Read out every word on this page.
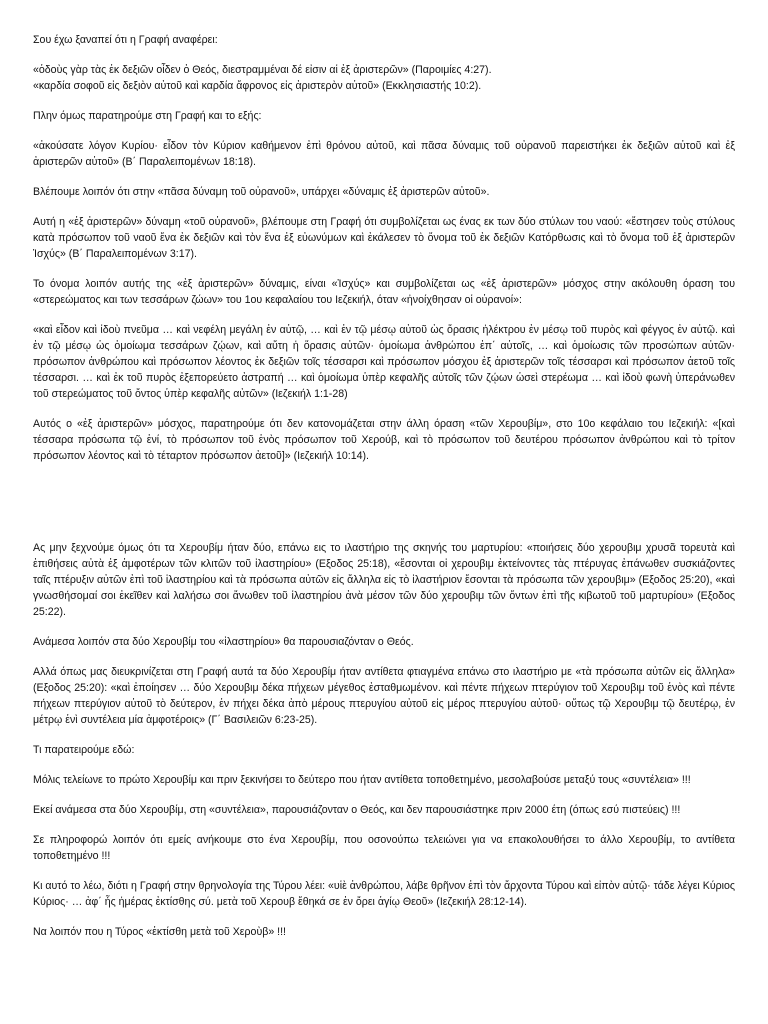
Σου έχω ξαναπεί ότι η Γραφή αναφέρει:

«ὁδοὺς γὰρ τὰς ἐκ δεξιῶν οἶδεν ὁ Θεός, διεστραμμέναι δέ εἰσιν αἱ ἐξ ἀριστερῶν» (Παροιμίες 4:27).
«καρδία σοφοῦ εἰς δεξιὸν αὐτοῦ καὶ καρδία ἄφρονος εἰς ἀριστερὸν αὐτοῦ» (Εκκλησιαστής 10:2).

Πλην όμως παρατηρούμε στη Γραφή και το εξής:

«ἀκούσατε λόγον Κυρίου· εἶδον τὸν Κύριον καθήμενον ἐπὶ θρόνου αὐτοῦ, καὶ πᾶσα δύναμις τοῦ οὐρανοῦ παρειστήκει ἐκ δεξιῶν αὐτοῦ καὶ ἐξ ἀριστερῶν αὐτοῦ» (Β΄ Παραλειπομένων 18:18).

Βλέπουμε λοιπόν ότι στην «πᾶσα δύναμη τοῦ οὐρανοῦ», υπάρχει «δύναμις ἐξ ἀριστερῶν αὐτοῦ».

Αυτή η «ἐξ ἀριστερῶν» δύναμη «τοῦ οὐρανοῦ», βλέπουμε στη Γραφή ότι συμβολίζεται ως ένας εκ των δύο στύλων του ναού: «ἔστησεν τοὺς στύλους κατὰ πρόσωπον τοῦ ναοῦ ἕνα ἐκ δεξιῶν καὶ τὸν ἕνα ἐξ εὐωνύμων καὶ ἐκάλεσεν τὸ ὄνομα τοῦ ἐκ δεξιῶν Κατόρθωσις καὶ τὸ ὄνομα τοῦ ἐξ ἀριστερῶν Ἰσχύς» (Β΄ Παραλειπομένων 3:17).

Το όνομα λοιπόν αυτής της «ἐξ ἀριστερῶν» δύναμις, είναι «Ἰσχύς» και συμβολίζεται ως «ἐξ ἀριστερῶν» μόσχος στην ακόλουθη όραση του «στερεώματος και των τεσσάρων ζώων» του 1ου κεφαλαίου του Ιεζεκιήλ, όταν «ἠνοίχθησαν οἱ οὐρανοί»:

«καὶ εἶδον καὶ ἰδοὺ πνεῦμα … καὶ νεφέλη μεγάλη ἐν αὐτῷ, … καὶ ἐν τῷ μέσῳ αὐτοῦ ὡς ὅρασις ἠλέκτρου ἐν μέσῳ τοῦ πυρὸς καὶ φέγγος ἐν αὐτῷ. καὶ ἐν τῷ μέσῳ ὡς ὁμοίωμα τεσσάρων ζῴων, καὶ αὕτη ἡ ὅρασις αὐτῶν· ὁμοίωμα ἀνθρώπου ἐπ΄ αὐτοῖς, … καὶ ὁμοίωσις τῶν προσώπων αὐτῶν· πρόσωπον ἀνθρώπου καὶ πρόσωπον λέοντος ἐκ δεξιῶν τοῖς τέσσαρσι καὶ πρόσωπον μόσχου ἐξ ἀριστερῶν τοῖς τέσσαρσι καὶ πρόσωπον ἀετοῦ τοῖς τέσσαρσι. … καὶ ἐκ τοῦ πυρὸς ἐξεπορεύετο ἀστραπή … καὶ ὁμοίωμα ὑπὲρ κεφαλῆς αὐτοῖς τῶν ζῴων ὡσεὶ στερέωμα … καὶ ἰδοὺ φωνὴ ὑπεράνωθεν τοῦ στερεώματος τοῦ ὄντος ὑπὲρ κεφαλῆς αὐτῶν» (Ιεζεκιήλ 1:1-28)

Αυτός ο «ἐξ ἀριστερῶν» μόσχος, παρατηρούμε ότι δεν κατονομάζεται στην άλλη όραση «τῶν Χερουβίμ», στο 10ο κεφάλαιο του Ιεζεκιήλ: «[καὶ τέσσαρα πρόσωπα τῷ ἑνί, τὸ πρόσωπον τοῦ ἑνὸς πρόσωπον τοῦ Χερούβ, καὶ τὸ πρόσωπον τοῦ δευτέρου πρόσωπον ἀνθρώπου καὶ τὸ τρίτον πρόσωπον λέοντος καὶ τὸ τέταρτον πρόσωπον ἀετοῦ]» (Ιεζεκιήλ 10:14).

Ας μην ξεχνούμε όμως ότι τα Χερουβίμ ήταν δύο, επάνω εις το ιλαστήριο της σκηνής του μαρτυρίου: «ποιήσεις δύο χερουβιμ χρυσᾶ τορευτὰ καὶ ἐπιθήσεις αὐτὰ ἐξ ἀμφοτέρων τῶν κλιτῶν τοῦ ἱλαστηρίου» (Εξοδος 25:18), «ἔσονται οἱ χερουβιμ ἐκτείνοντες τὰς πτέρυγας ἐπάνωθεν συσκιάζοντες ταῖς πτέρυξιν αὐτῶν ἐπὶ τοῦ ἱλαστηρίου καὶ τὰ πρόσωπα αὐτῶν εἰς ἄλληλα εἰς τὸ ἱλαστήριον ἔσονται τὰ πρόσωπα τῶν χερουβιμ» (Εξοδος 25:20), «καὶ γνωσθήσομαί σοι ἐκεῖθεν καὶ λαλήσω σοι ἄνωθεν τοῦ ἱλαστηρίου ἀνὰ μέσον τῶν δύο χερουβιμ τῶν ὄντων ἐπὶ τῆς κιβωτοῦ τοῦ μαρτυρίου» (Εξοδος 25:22).

Ανάμεσα λοιπόν στα δύο Χερουβίμ του «ἱλαστηρίου» θα παρουσιαζόνταν ο Θεός.

Αλλά όπως μας διευκρινίζεται στη Γραφή αυτά τα δύο Χερουβίμ ήταν αντίθετα φτιαγμένα επάνω στο ιλαστήριο με «τὰ πρόσωπα αὐτῶν εἰς ἄλληλα» (Εξοδος 25:20): «καὶ ἐποίησεν … δύο Χερουβιμ δέκα πήχεων μέγεθος ἐσταθμωμένον. καὶ πέντε πήχεων πτερύγιον τοῦ Χερουβιμ τοῦ ἑνὸς καὶ πέντε πήχεων πτερύγιον αὐτοῦ τὸ δεύτερον, ἐν πήχει δέκα ἀπὸ μέρους πτερυγίου αὐτοῦ εἰς μέρος πτερυγίου αὐτοῦ· οὕτως τῷ Χερουβιμ τῷ δευτέρῳ, ἐν μέτρῳ ἑνὶ συντέλεια μία ἀμφοτέροις» (Γ΄ Βασιλειῶν 6:23-25).

Τι παρατειρούμε εδώ:

Μόλις τελείωνε το πρώτο Χερουβίμ και πριν ξεκινήσει το δεύτερο που ήταν αντίθετα τοποθετημένο, μεσολαβούσε μεταξύ τους «συντέλεια» !!!

Εκεί ανάμεσα στα δύο Χερουβίμ, στη «συντέλεια», παρουσιάζονταν ο Θεός, και δεν παρουσιάστηκε πριν 2000 έτη (όπως εσύ πιστεύεις) !!!

Σε πληροφορώ λοιπόν ότι εμείς ανήκουμε στο ένα Χερουβίμ, που οσονούπω τελειώνει για να επακολουθήσει το άλλο Χερουβίμ, το αντίθετα τοποθετημένο !!!

Κι αυτό το λέω, διότι η Γραφή στην θρηνολογία της Τύρου λέει: «υἱὲ ἀνθρώπου, λάβε θρῆνον ἐπὶ τὸν ἄρχοντα Τύρου καὶ εἰπὸν αὐτῷ· τάδε λέγει Κύριος Κύριος· … ἀφ΄ ἧς ἡμέρας ἐκτίσθης σύ. μετὰ τοῦ Χερουβ ἔθηκά σε ἐν ὄρει ἁγίῳ Θεοῦ» (Ιεζεκιήλ 28:12-14).

Να λοιπόν που η Τύρος «ἐκτίσθη μετὰ τοῦ Χεροὺβ» !!!
